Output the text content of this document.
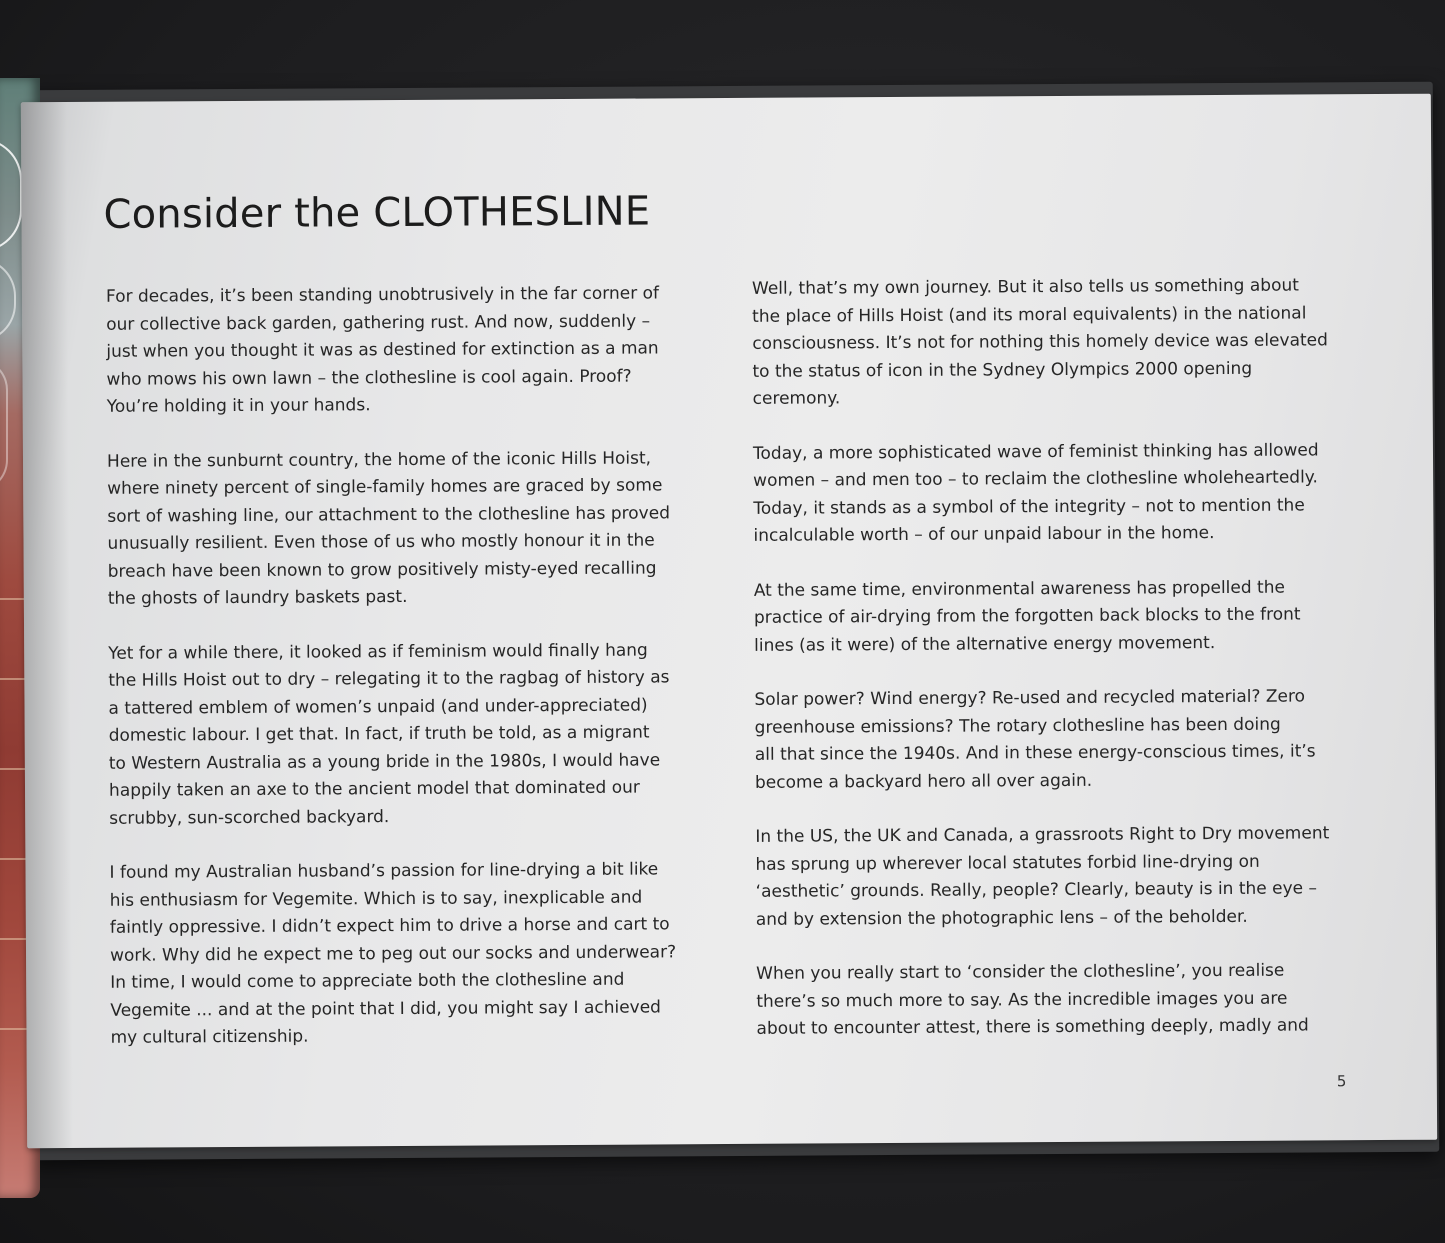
Consider the CLOTHESLINE

For decades, it’s been standing unobtrusively in the far corner of
our collective back garden, gathering rust. And now, suddenly –
just when you thought it was as destined for extinction as a man
who mows his own lawn – the clothesline is cool again. Proof?
You’re holding it in your hands.

Here in the sunburnt country, the home of the iconic Hills Hoist,
where ninety percent of single-family homes are graced by some
sort of washing line, our attachment to the clothesline has proved
unusually resilient. Even those of us who mostly honour it in the
breach have been known to grow positively misty-eyed recalling
the ghosts of laundry baskets past.

Yet for a while there, it looked as if feminism would finally hang
the Hills Hoist out to dry – relegating it to the ragbag of history as
a tattered emblem of women’s unpaid (and under-appreciated)
domestic labour. I get that. In fact, if truth be told, as a migrant
to Western Australia as a young bride in the 1980s, I would have
happily taken an axe to the ancient model that dominated our
scrubby, sun-scorched backyard.

I found my Australian husband’s passion for line-drying a bit like
his enthusiasm for Vegemite. Which is to say, inexplicable and
faintly oppressive. I didn’t expect him to drive a horse and cart to
work. Why did he expect me to peg out our socks and underwear?
In time, I would come to appreciate both the clothesline and
Vegemite ... and at the point that I did, you might say I achieved
my cultural citizenship.

Well, that’s my own journey. But it also tells us something about
the place of Hills Hoist (and its moral equivalents) in the national
consciousness. It’s not for nothing this homely device was elevated
to the status of icon in the Sydney Olympics 2000 opening
ceremony.

Today, a more sophisticated wave of feminist thinking has allowed
women – and men too – to reclaim the clothesline wholeheartedly.
Today, it stands as a symbol of the integrity – not to mention the
incalculable worth – of our unpaid labour in the home.

At the same time, environmental awareness has propelled the
practice of air-drying from the forgotten back blocks to the front
lines (as it were) of the alternative energy movement.

Solar power? Wind energy? Re-used and recycled material? Zero
greenhouse emissions? The rotary clothesline has been doing
all that since the 1940s. And in these energy-conscious times, it’s
become a backyard hero all over again.

In the US, the UK and Canada, a grassroots Right to Dry movement
has sprung up wherever local statutes forbid line-drying on
‘aesthetic’ grounds. Really, people? Clearly, beauty is in the eye –
and by extension the photographic lens – of the beholder.

When you really start to ‘consider the clothesline’, you realise
there’s so much more to say. As the incredible images you are
about to encounter attest, there is something deeply, madly and

5
